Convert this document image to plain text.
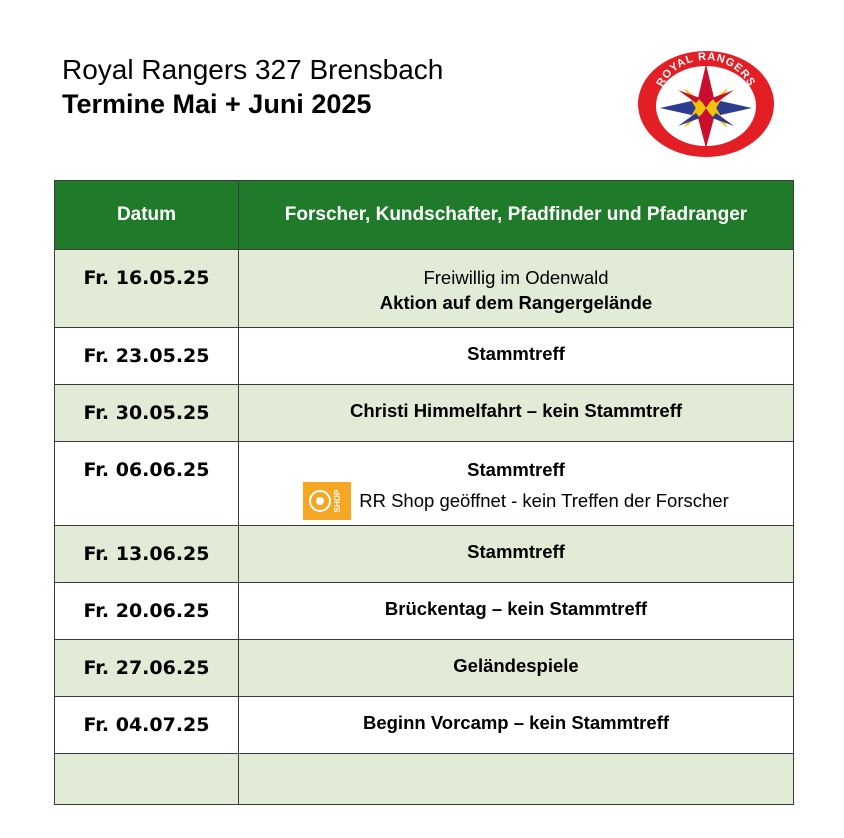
Royal Rangers 327 Brensbach
Termine Mai + Juni 2025
ROYAL RANGERS
Datum	Forscher, Kundschafter, Pfadfinder und Pfadranger
Fr. 16.05.25	Freiwillig im Odenwald
Aktion auf dem Rangergelände

Fr. 23.05.25	Stammtreff
Fr. 30.05.25	Christi Himmelfahrt – kein Stammtreff
Fr. 06.06.25	Stammtreff
SHOP RR Shop geöffnet - kein Treffen der Forscher

Fr. 13.06.25	Stammtreff
Fr. 20.06.25	Brückentag – kein Stammtreff
Fr. 27.06.25	Geländespiele
Fr. 04.07.25	Beginn Vorcamp – kein Stammtreff
